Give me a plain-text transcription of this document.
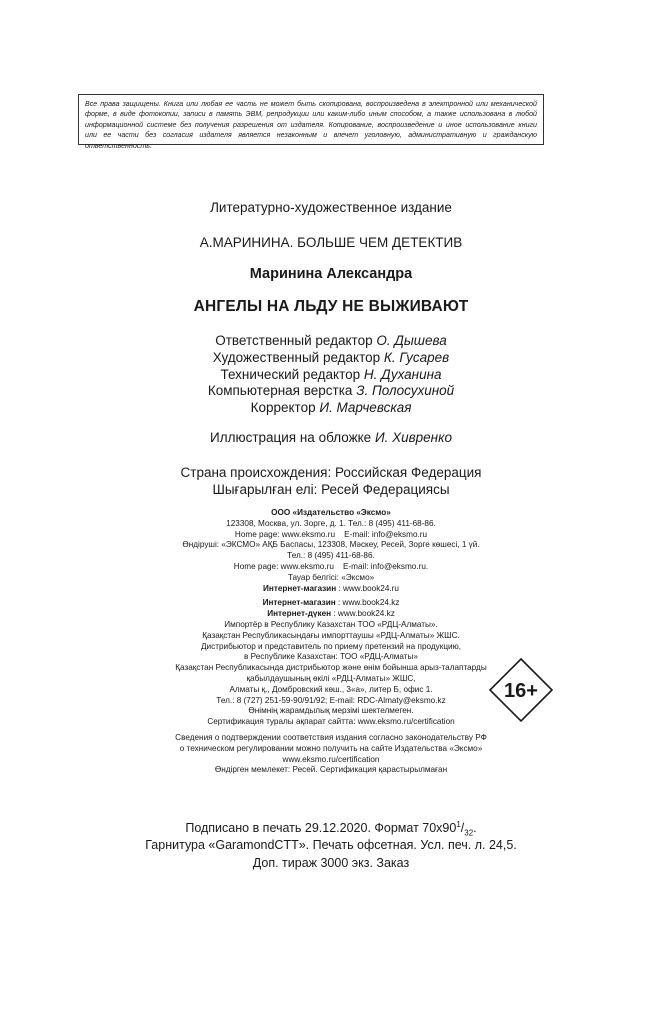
Все права защищены. Книга или любая ее часть не может быть скопирована, воспроизведена в электронной или механической
форме, в виде фотокопии, записи в память ЭВМ, репродукции или каким-либо иным способом, а также использована в любой
информационной системе без получения разрешения от издателя. Копирование, воспроизведение и иное использование книги
или ее части без согласия издателя является незаконным и влечет уголовную, административную и гражданскую ответственность.
Литературно-художественное издание
А.МАРИНИНА. БОЛЬШЕ ЧЕМ ДЕТЕКТИВ
Маринина Александра
АНГЕЛЫ НА ЛЬДУ НЕ ВЫЖИВАЮТ
Ответственный редактор О. Дышева
Художественный редактор К. Гусарев
Технический редактор Н. Духанина
Компьютерная верстка З. Полосухиной
Корректор И. Марчевская
Иллюстрация на обложке И. Хивренко
Страна происхождения: Российская Федерация
Шығарылған елі: Ресей Федерациясы
ООО «Издательство «Эксмо»
123308, Москва, ул. Зорге, д. 1. Тел.: 8 (495) 411-68-86.
Home page: www.eksmo.ru    E-mail: info@eksmo.ru
Өндіруші: «ЭКСМО» АҚБ Баспасы, 123308, Мәскеу, Ресей, Зорге көшесі, 1 үй.
Тел.: 8 (495) 411-68-86.
Home page: www.eksmo.ru    E-mail: info@eksmo.ru.
Тауар белгісі: «Эксмо»
Интернет-магазин : www.book24.ru
Интернет-магазин : www.book24.kz
Интернет-дүкен : www.book24.kz
Импортёр в Республику Казахстан ТОО «РДЦ-Алматы».
Қазақстан Республикасындағы импорттаушы «РДЦ-Алматы» ЖШС.
Дистрибьютор и представитель по приему претензий на продукцию,
в Республике Казахстан: ТОО «РДЦ-Алматы»
Қазақстан Республикасында дистрибьютор және өнім бойынша арыз-талаптарды
қабылдаушының өкілі «РДЦ-Алматы» ЖШС,
Алматы қ., Домбровский көш., 3«а», литер Б, офис 1.
Тел.: 8 (727) 251-59-90/91/92; E-mail: RDC-Almaty@eksmo.kz
Өнімнің жарамдылық мерзімі шектелмеген.
Сертификация туралы ақпарат сайтта: www.eksmo.ru/certification
Сведения о подтверждении соответствия издания согласно законодательству РФ
о техническом регулировании можно получить на сайте Издательства «Эксмо»
www.eksmo.ru/certification
Өндірген мемлекет: Ресей. Сертификация қарастырылмаған
16+
Подписано в печать 29.12.2020. Формат $70x90^1/_{32}$.
Гарнитура «GaramondCTT». Печать офсетная. Усл. печ. л. 24,5.
Доп. тираж 3000 экз. Заказ
